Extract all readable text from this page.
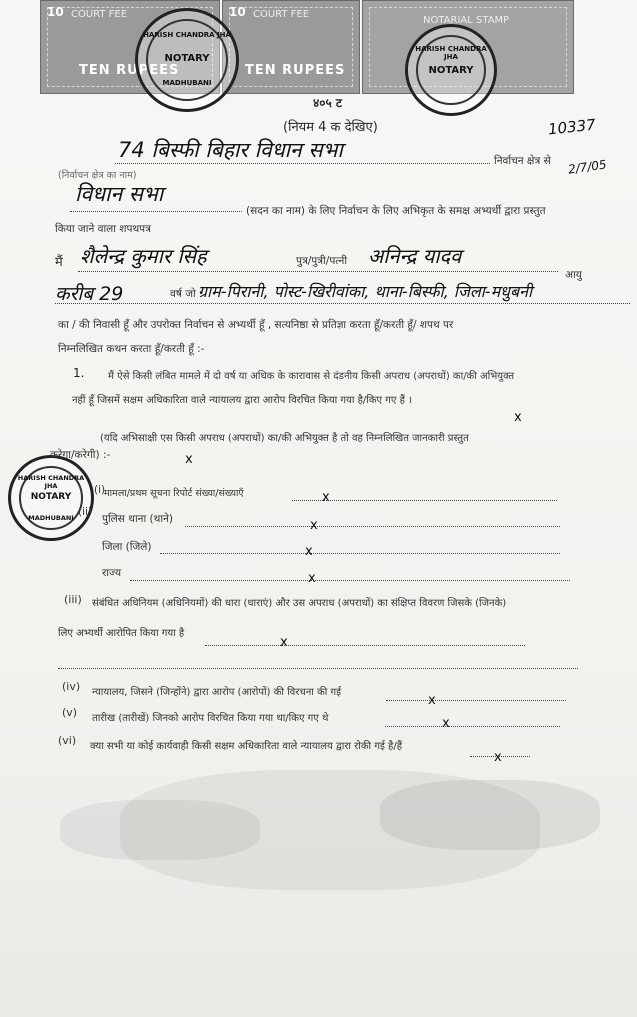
10 COURT FEE
TEN RUPEES
10 COURT FEE
TEN RUPEES
NOTARIAL STAMP
४०५ ट
HARISH CHANDRA JHA
NOTARY
MADHUBANI
HARISH CHANDRA JHA
NOTARY
HARISH CHANDRA JHA
NOTARY
MADHUBANI
(नियम 4 क देखिए)	10337
2/7/05
74 बिस्फी बिहार विधान सभा	निर्वाचन क्षेत्र से
(निर्वाचन क्षेत्र का नाम)
विधान सभा
(सदन का नाम) के लिए निर्वाचन के लिए अभिकृत के समक्ष अभ्यर्थी द्वारा प्रस्तुत
किया जाने वाला शपथपत्र
मैं शैलेन्द्र कुमार सिंह	पुत्र/पुत्री/पत्नी अनिन्द्र यादव
आयु
करीब 29	वर्ष जो ग्राम-पिरानी, पोस्ट-खिरीवांका, थाना-बिस्फी, जिला-मधुबनी
का / की निवासी हूँ और उपरोक्त निर्वाचन से अभ्यर्थी हूँ , सत्यनिष्ठा से प्रतिज्ञा करता हूँ/करती हूँ/ शपथ पर
निम्नलिखित कथन करता हूँ/करती हूँ :-
1. मैं ऐसे किसी लंबित मामले में दो वर्ष या अधिक के कारावास से दंडनीय किसी अपराध (अपराधों) का/की अभियुक्त
नहीं हूँ जिसमें सक्षम अधिकारिता वाले न्यायालय द्वारा आरोप विरचित किया गया है/किए गए हैं ।
x
(यदि अभिसाक्षी एस किसी अपराध (अपराधों) का/की अभियुक्त है तो वह निम्नलिखित जानकारी प्रस्तुत
करेगा/करेगी) :-	x
(i)
मामला/प्रथम सूचना रिपोर्ट संख्या/संख्याएँ	x
(ii)
पुलिस थाना (थाने)	x
जिला (जिले)	x
राज्य	x
(iii) संबंधित अधिनियम (अधिनियमों) की धारा (धाराएं) और उस अपराध (अपराधों) का संक्षिप्त विवरण जिसके (जिनके)
लिए अभ्यर्थी आरोपित किया गया है
x
(iv) न्यायालय, जिसने (जिन्होंने) द्वारा आरोप (आरोपों) की विरचना की गई
x
(v) तारीख (तारीखें) जिनको आरोप विरचित किया गया था/किए गए थे	x
(vi) क्या सभी या कोई कार्यवाही किसी सक्षम अधिकारिता वाले न्यायालय द्वारा रोकी गई है/हैं
x
